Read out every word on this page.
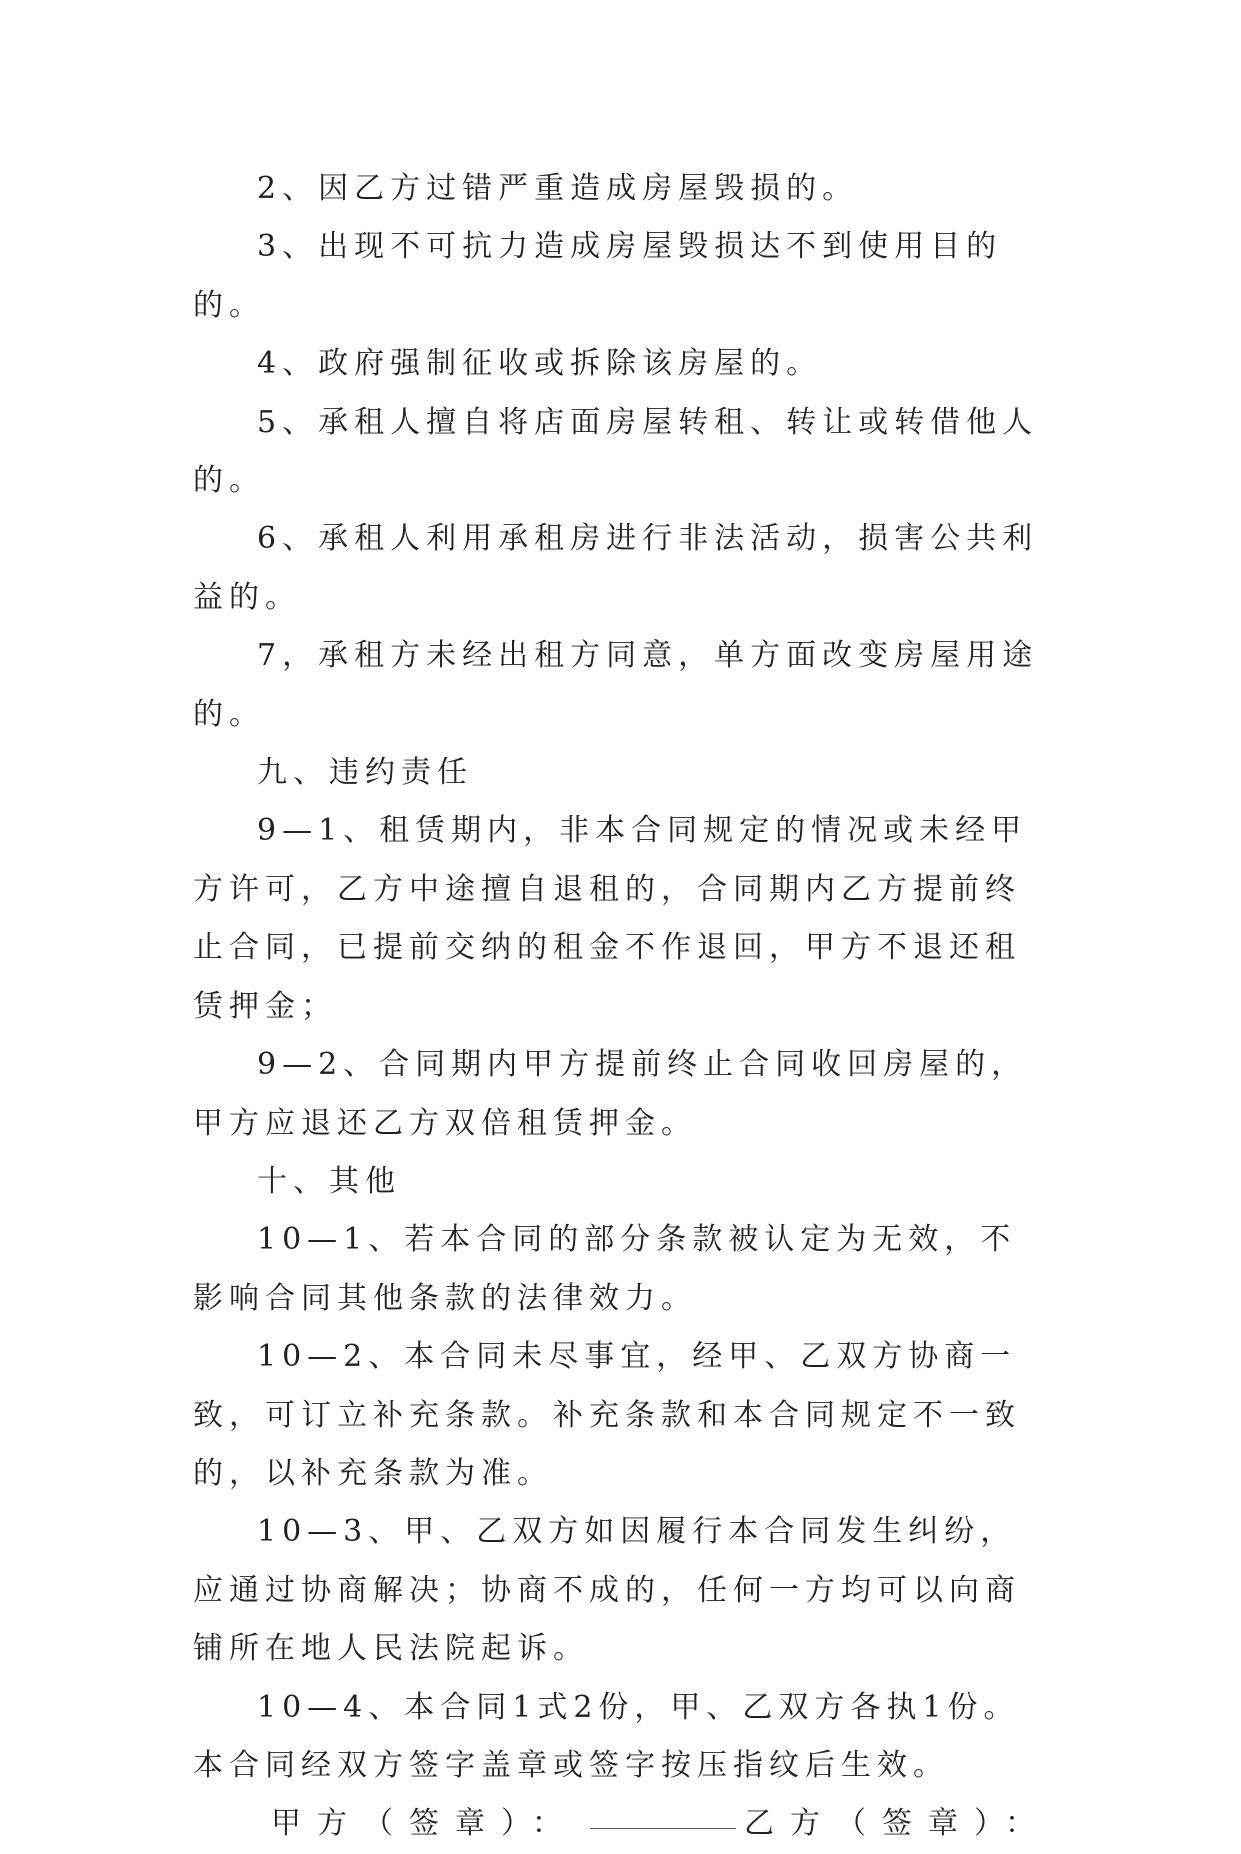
2、因乙方过错严重造成房屋毁损的。

3、出现不可抗力造成房屋毁损达不到使用目的的。

4、政府强制征收或拆除该房屋的。

5、承租人擅自将店面房屋转租、转让或转借他人的。

6、承租人利用承租房进行非法活动，损害公共利益的。

7，承租方未经出租方同意，单方面改变房屋用途的。

九、违约责任

9—1、租赁期内，非本合同规定的情况或未经甲方许可，乙方中途擅自退租的，合同期内乙方提前终止合同，已提前交纳的租金不作退回，甲方不退还租赁押金；

9—2、合同期内甲方提前终止合同收回房屋的，甲方应退还乙方双倍租赁押金。

十、其他

10—1、若本合同的部分条款被认定为无效，不影响合同其他条款的法律效力。

10—2、本合同未尽事宜，经甲、乙双方协商一致，可订立补充条款。补充条款和本合同规定不一致的，以补充条款为准。

10—3、甲、乙双方如因履行本合同发生纠纷，应通过协商解决；协商不成的，任何一方均可以向商铺所在地人民法院起诉。

10—4、本合同1式2份，甲、乙双方各执1份。本合同经双方签字盖章或签字按压指纹后生效。

甲方（签章）：	乙方（签章）：
